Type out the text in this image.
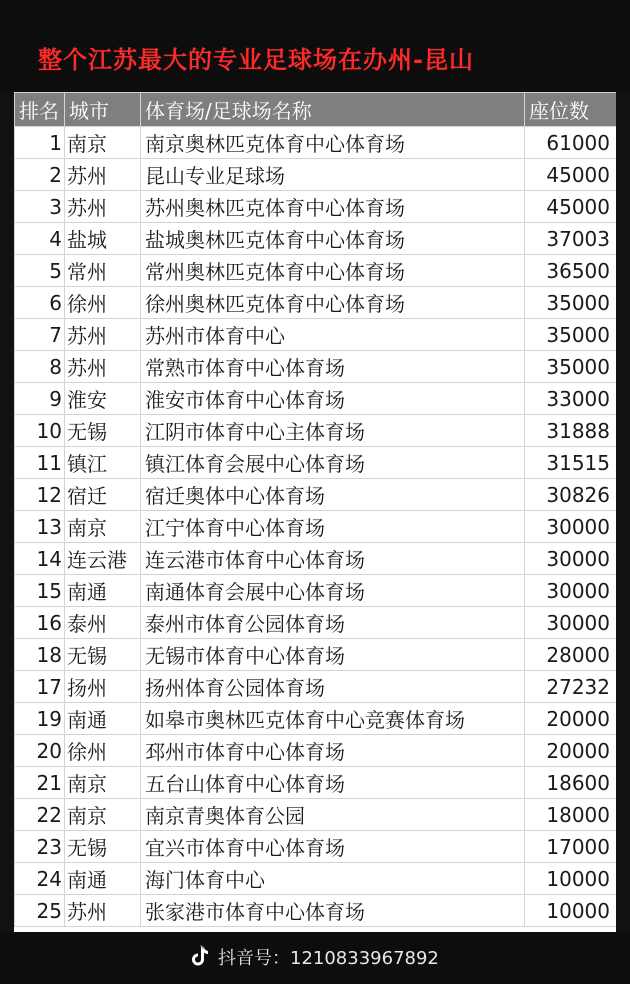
整个江苏最大的专业足球场在办州-昆山
排名	城市	体育场/足球场名称	座位数
1	南京	南京奥林匹克体育中心体育场	61000
2	苏州	昆山专业足球场	45000
3	苏州	苏州奥林匹克体育中心体育场	45000
4	盐城	盐城奥林匹克体育中心体育场	37003
5	常州	常州奥林匹克体育中心体育场	36500
6	徐州	徐州奥林匹克体育中心体育场	35000
7	苏州	苏州市体育中心	35000
8	苏州	常熟市体育中心体育场	35000
9	淮安	淮安市体育中心体育场	33000
10	无锡	江阴市体育中心主体育场	31888
11	镇江	镇江体育会展中心体育场	31515
12	宿迁	宿迁奥体中心体育场	30826
13	南京	江宁体育中心体育场	30000
14	连云港	连云港市体育中心体育场	30000
15	南通	南通体育会展中心体育场	30000
16	泰州	泰州市体育公园体育场	30000
18	无锡	无锡市体育中心体育场	28000
17	扬州	扬州体育公园体育场	27232
19	南通	如皋市奥林匹克体育中心竞赛体育场	20000
20	徐州	邳州市体育中心体育场	20000
21	南京	五台山体育中心体育场	18600
22	南京	南京青奥体育公园	18000
23	无锡	宜兴市体育中心体育场	17000
24	南通	海门体育中心	10000
25	苏州	张家港市体育中心体育场	10000
抖音号：1210833967892
